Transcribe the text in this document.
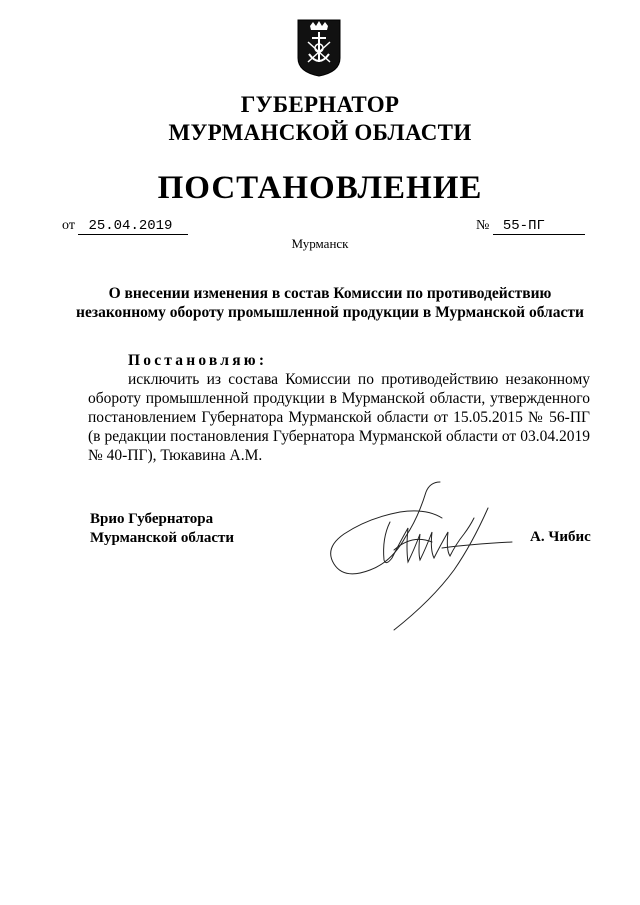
ГУБЕРНАТОР
МУРМАНСКОЙ ОБЛАСТИ
ПОСТАНОВЛЕНИЕ
от 25.04.2019	№ 55-ПГ
Мурманск
О внесении изменения в состав Комиссии по противодействию
незаконному обороту промышленной продукции в Мурманской области
Постановляю:
исключить из состава Комиссии по противодействию незаконному обороту промышленной продукции в Мурманской области, утвержденного постановлением Губернатора Мурманской области от 15.05.2015 № 56-ПГ (в редакции постановления Губернатора Мурманской области от 03.04.2019 № 40-ПГ), Тюкавина А.М.
Врио Губернатора
Мурманской области	А. Чибис
